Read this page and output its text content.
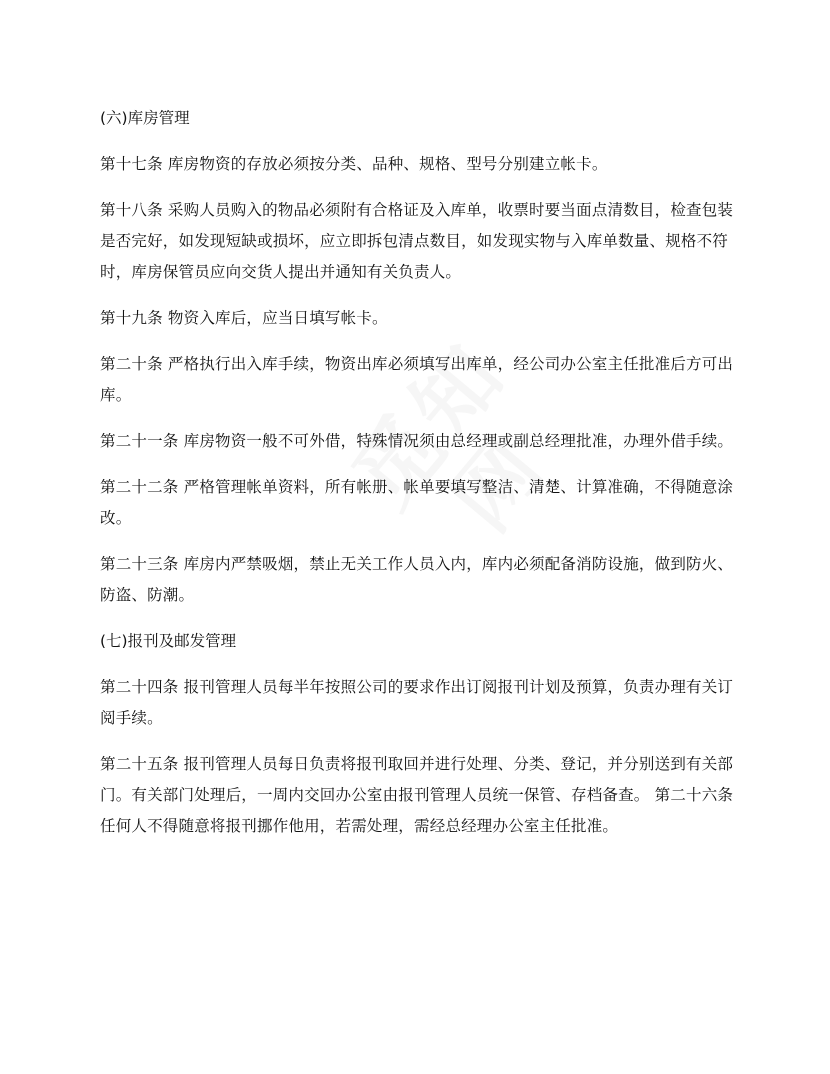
(六)库房管理

第十七条 库房物资的存放必须按分类、品种、规格、型号分别建立帐卡。

第十八条 采购人员购入的物品必须附有合格证及入库单，收票时要当面点清数目，检查包装是否完好，如发现短缺或损坏，应立即拆包清点数目，如发现实物与入库单数量、规格不符时，库房保管员应向交货人提出并通知有关负责人。

第十九条 物资入库后，应当日填写帐卡。

第二十条 严格执行出入库手续，物资出库必须填写出库单，经公司办公室主任批准后方可出库。

第二十一条 库房物资一般不可外借，特殊情况须由总经理或副总经理批准，办理外借手续。

第二十二条 严格管理帐单资料，所有帐册、帐单要填写整洁、清楚、计算准确，不得随意涂改。

第二十三条 库房内严禁吸烟，禁止无关工作人员入内，库内必须配备消防设施，做到防火、防盗、防潮。

(七)报刊及邮发管理

第二十四条 报刊管理人员每半年按照公司的要求作出订阅报刊计划及预算，负责办理有关订阅手续。

第二十五条 报刊管理人员每日负责将报刊取回并进行处理、分类、登记，并分别送到有关部门。有关部门处理后，一周内交回办公室由报刊管理人员统一保管、存档备查。 第二十六条 任何人不得随意将报刊挪作他用，若需处理，需经总经理办公室主任批准。
